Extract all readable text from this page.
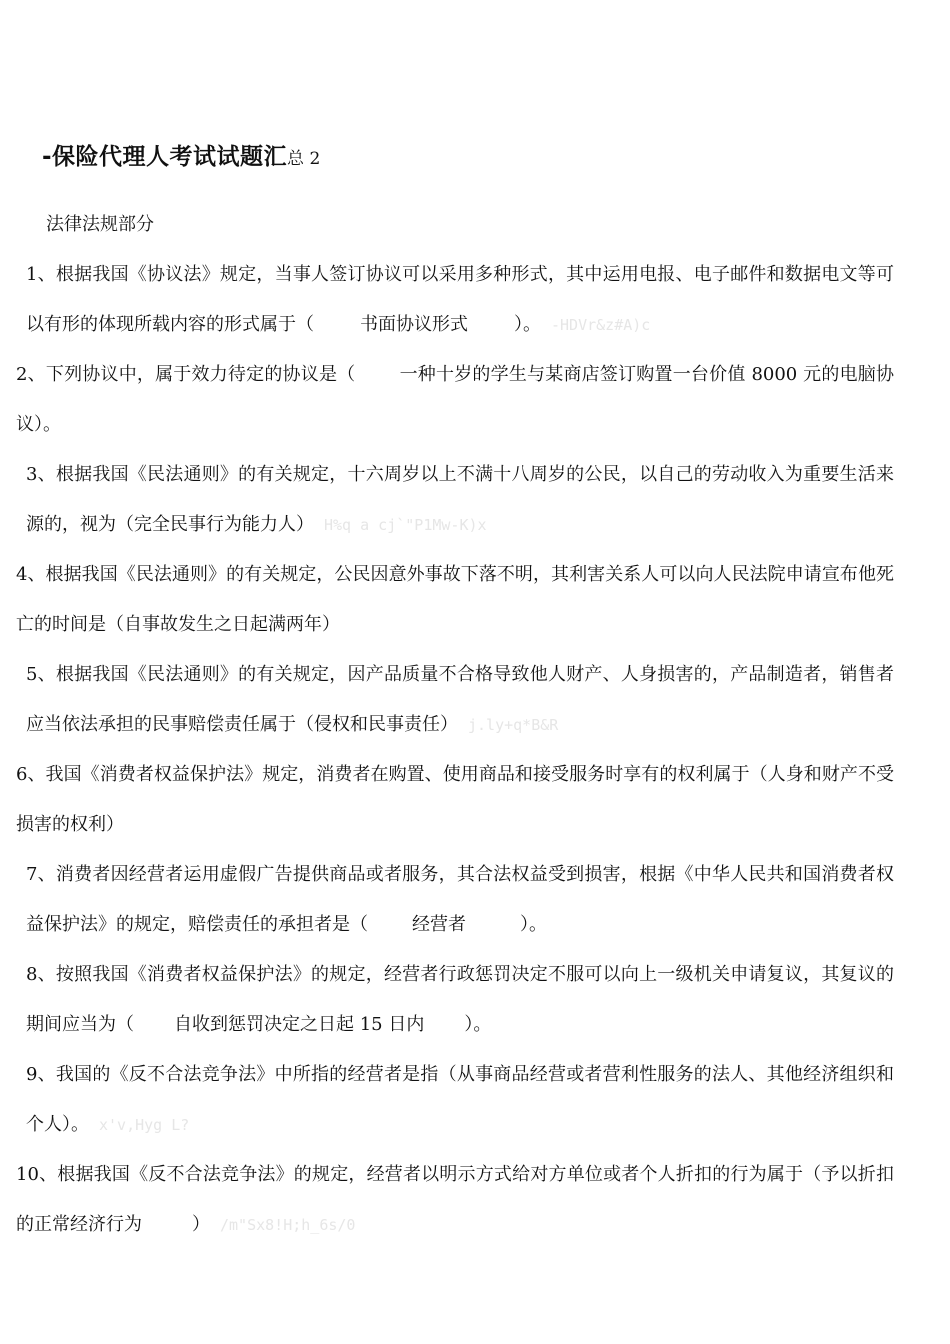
-保险代理人考试试题汇总 2
法律法规部分

1、根据我国《协议法》规定，当事人签订协议可以采用多种形式，其中运用电报、电子邮件和数据电文等可以有形的体现所载内容的形式属于（	书面协议形式	）。 -HDVr&z#A)c

2、下列协议中，属于效力待定的协议是（ 一种十岁的学生与某商店签订购置一台价值 8000 元的电脑协议）。

3、根据我国《民法通则》的有关规定，十六周岁以上不满十八周岁的公民，以自己的劳动收入为重要生活来源的，视为（完全民事行为能力人） H%q a cj`"P1Mw-K)x

4、根据我国《民法通则》的有关规定，公民因意外事故下落不明，其利害关系人可以向人民法院申请宣布他死亡的时间是（自事故发生之日起满两年）

5、根据我国《民法通则》的有关规定，因产品质量不合格导致他人财产、人身损害的，产品制造者，销售者应当依法承担的民事赔偿责任属于（侵权和民事责任） j.ly+q*B&R

6、我国《消费者权益保护法》规定，消费者在购置、使用商品和接受服务时享有的权利属于（人身和财产不受损害的权利）

7、消费者因经营者运用虚假广告提供商品或者服务，其合法权益受到损害，根据《中华人民共和国消费者权益保护法》的规定，赔偿责任的承担者是（ 经营者	）。

8、按照我国《消费者权益保护法》的规定，经营者行政惩罚决定不服可以向上一级机关申请复议，其复议的期间应当为（ 自收到惩罚决定之日起 15 日内 ）。

9、我国的《反不合法竞争法》中所指的经营者是指（从事商品经营或者营利性服务的法人、其他经济组织和个人）。 x'v,Hyg L?

10、根据我国《反不合法竞争法》的规定，经营者以明示方式给对方单位或者个人折扣的行为属于（予以折扣的正常经济行为	） /m"Sx8!H;h_6s/0
